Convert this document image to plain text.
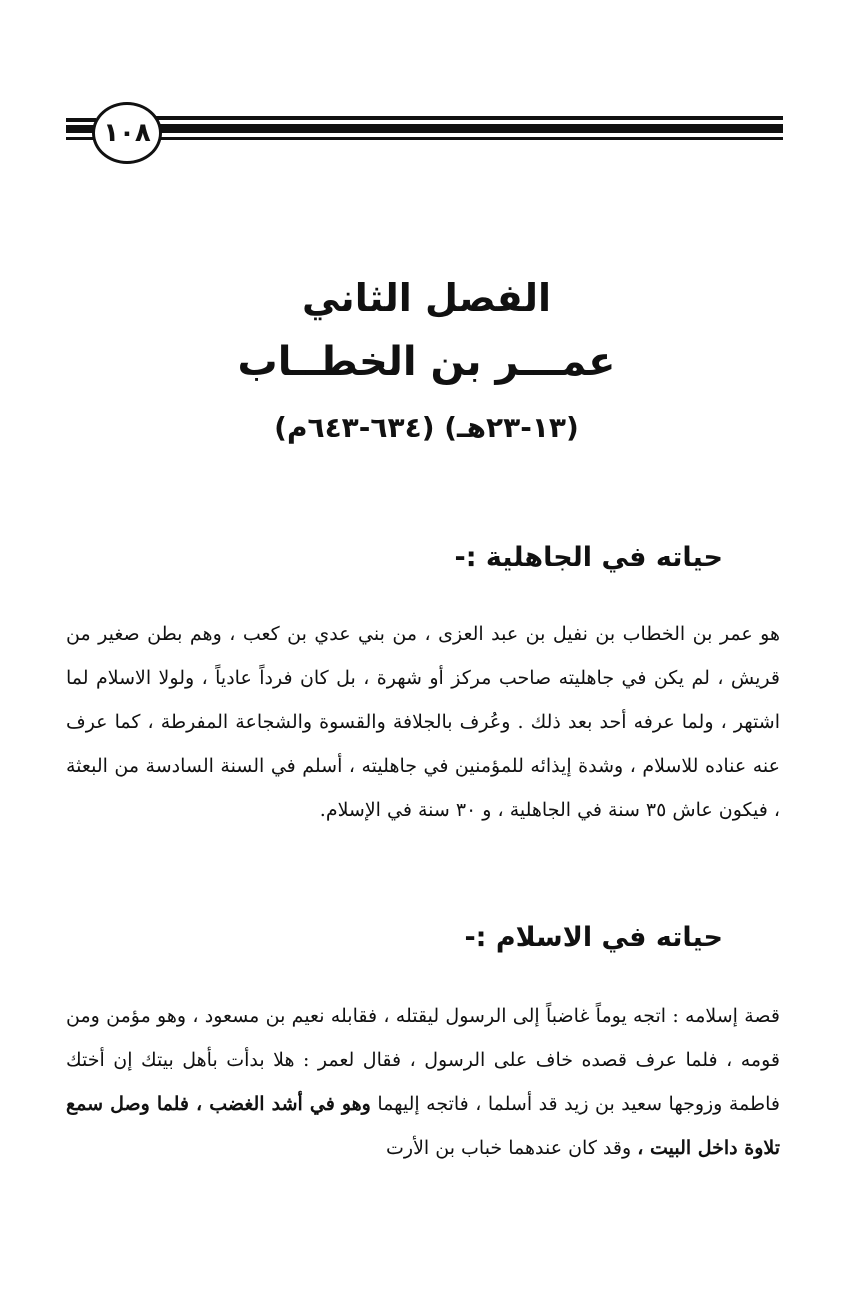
١٠٨

الفصل الثاني

عمـــر بن الخطــاب

(١٣-٢٣هـ) (٦٣٤-٦٤٣م)

حياته في الجاهلية :-

هو عمر بن الخطاب بن نفيل بن عبد العزى ، من بني عدي بن كعب ، وهم بطن صغير من قريش ، لم يكن في جاهليته صاحب مركز أو شهرة ، بل كان فرداً عادياً ، ولولا الاسلام لما اشتهر ، ولما عرفه أحد بعد ذلك . وعُرف بالجلافة والقسوة والشجاعة المفرطة ، كما عرف عنه عناده للاسلام ، وشدة إيذائه للمؤمنين في جاهليته ، أسلم في السنة السادسة من البعثة ، فيكون عاش ٣٥ سنة في الجاهلية ، و ٣٠ سنة في الإسلام.

حياته في الاسلام :-

قصة إسلامه : اتجه يوماً غاضباً إلى الرسول ليقتله ، فقابله نعيم بن مسعود ، وهو مؤمن ومن قومه ، فلما عرف قصده خاف على الرسول ، فقال لعمر : هلا بدأت بأهل بيتك إن أختك فاطمة وزوجها سعيد بن زيد قد أسلما ، فاتجه إليهما وهو في أشد الغضب ، فلما وصل سمع تلاوة داخل البيت ، وقد كان عندهما خباب بن الأرت
